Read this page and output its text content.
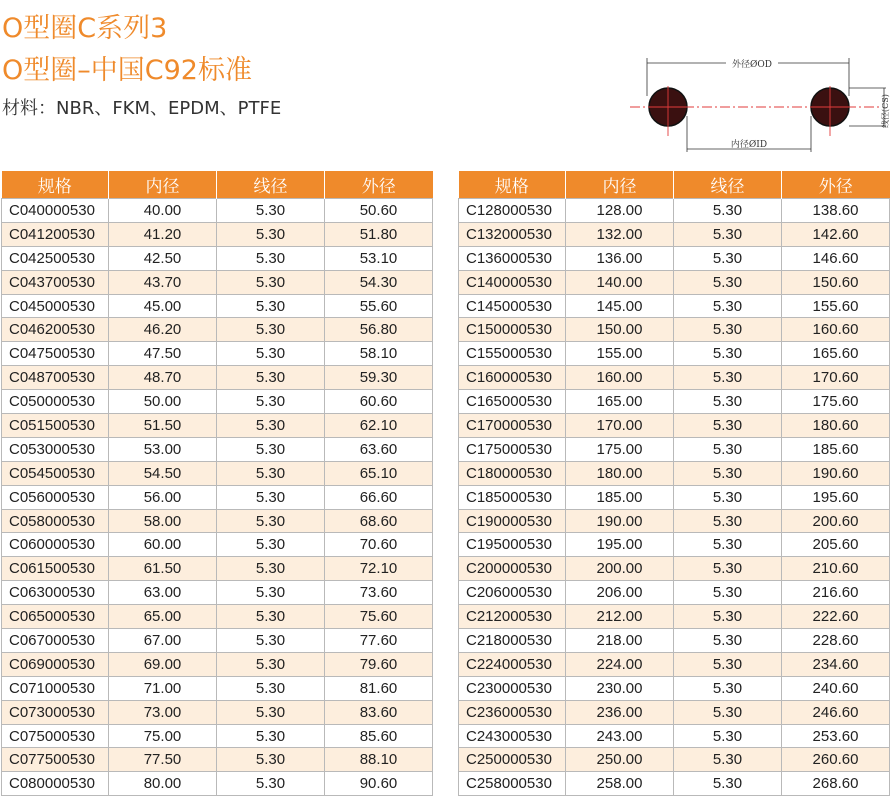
O型圈C系列3
O型圈–中国C92标准
材料：NBR、FKM、EPDM、PTFE
外径ØOD
内径ØID
线径(CS)
规格	内径	线径	外径
C040000530	40.00	5.30	50.60
C041200530	41.20	5.30	51.80
C042500530	42.50	5.30	53.10
C043700530	43.70	5.30	54.30
C045000530	45.00	5.30	55.60
C046200530	46.20	5.30	56.80
C047500530	47.50	5.30	58.10
C048700530	48.70	5.30	59.30
C050000530	50.00	5.30	60.60
C051500530	51.50	5.30	62.10
C053000530	53.00	5.30	63.60
C054500530	54.50	5.30	65.10
C056000530	56.00	5.30	66.60
C058000530	58.00	5.30	68.60
C060000530	60.00	5.30	70.60
C061500530	61.50	5.30	72.10
C063000530	63.00	5.30	73.60
C065000530	65.00	5.30	75.60
C067000530	67.00	5.30	77.60
C069000530	69.00	5.30	79.60
C071000530	71.00	5.30	81.60
C073000530	73.00	5.30	83.60
C075000530	75.00	5.30	85.60
C077500530	77.50	5.30	88.10
C080000530	80.00	5.30	90.60
规格	内径	线径	外径
C128000530	128.00	5.30	138.60
C132000530	132.00	5.30	142.60
C136000530	136.00	5.30	146.60
C140000530	140.00	5.30	150.60
C145000530	145.00	5.30	155.60
C150000530	150.00	5.30	160.60
C155000530	155.00	5.30	165.60
C160000530	160.00	5.30	170.60
C165000530	165.00	5.30	175.60
C170000530	170.00	5.30	180.60
C175000530	175.00	5.30	185.60
C180000530	180.00	5.30	190.60
C185000530	185.00	5.30	195.60
C190000530	190.00	5.30	200.60
C195000530	195.00	5.30	205.60
C200000530	200.00	5.30	210.60
C206000530	206.00	5.30	216.60
C212000530	212.00	5.30	222.60
C218000530	218.00	5.30	228.60
C224000530	224.00	5.30	234.60
C230000530	230.00	5.30	240.60
C236000530	236.00	5.30	246.60
C243000530	243.00	5.30	253.60
C250000530	250.00	5.30	260.60
C258000530	258.00	5.30	268.60
